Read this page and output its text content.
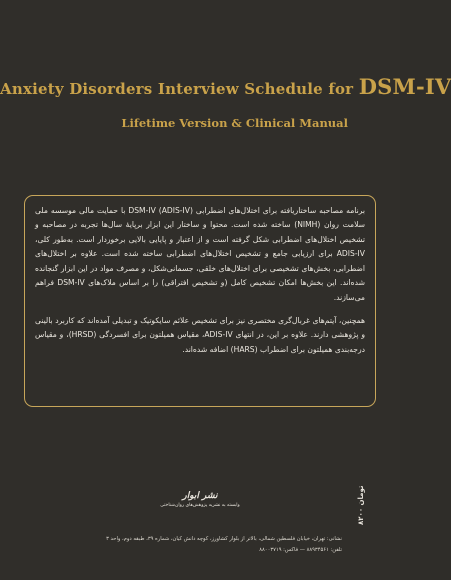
Anxiety Disorders Interview Schedule for DSM-IV
Lifetime Version & Clinical Manual

برنامه مصاحبه ساختاریافته برای اختلال‌های اضطرابی DSM-IV (ADIS-IV) با حمایت مالی موسسه ملی سلامت روان (NIMH) ساخته شده است. محتوا و ساختار این ابزار برپایهٔ سال‌ها تجربه در مصاحبه و تشخیص اختلال‌های اضطرابی شکل گرفته است و از اعتبار و پایایی بالایی برخوردار است. به‌طور کلی، ADIS-IV برای ارزیابی جامع و تشخیص اختلال‌های اضطرابی ساخته شده است. علاوه بر اختلال‌های اضطرابی، بخش‌های تشخیصی برای اختلال‌های خلقی، جسمانی‌شکل، و مصرف مواد در این ابزار گنجانده شده‌اند. این بخش‌ها امکان تشخیص کامل (و تشخیص افتراقی) را بر اساس ملاک‌های DSM-IV فراهم می‌سازند.

همچنین، آیتم‌های غربال‌گری مختصری نیز برای تشخیص علائم سایکوتیک و تبدیلی آمده‌اند که کاربرد بالینی و پژوهشی دارند. علاوه بر این، در انتهای ADIS-IV، مقیاس همیلتون برای افسردگی (HRSD)، و مقیاس درجه‌بندی همیلتون برای اضطراب (HARS) اضافه شده‌اند.

نشر ابوار
وابسته به نشریه پژوهش‌های روان‌شناختی
نشانی: تهران، خیابان فلسطین شمالی، بالاتر از بلوار کشاورز، کوچه دانش کیان، شماره ۳۹، طبقه دوم، واحد ۳
تلفن: ۸۸۹۳۴۵۶۱ — فاکس: ۸۸۰۰۳۷۱۹
۸۲۰۰ تومان
